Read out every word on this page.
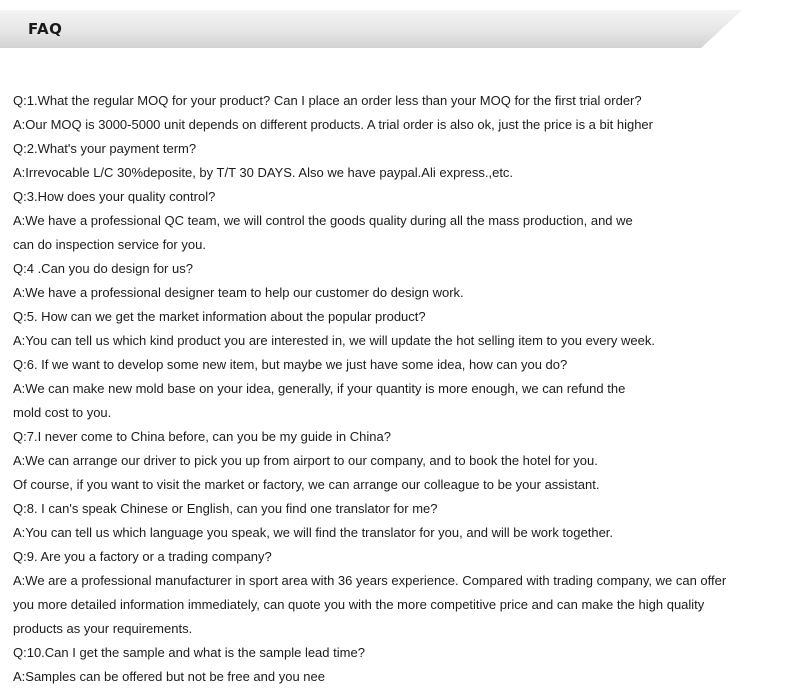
FAQ
Q:1.What the regular MOQ for your product? Can I place an order less than your MOQ for the first trial order?
A:Our MOQ is 3000-5000 unit depends on different products. A trial order is also ok, just the price is a bit higher
Q:2.What's your payment term?
A:Irrevocable L/C 30%deposite, by T/T 30 DAYS. Also we have paypal.Ali express.,etc.
Q:3.How does your quality control?
A:We have a professional QC team, we will control the goods quality during all the mass production, and we
can do inspection service for you.
Q:4 .Can you do design for us?
A:We have a professional designer team to help our customer do design work.
Q:5. How can we get the market information about the popular product?
A:You can tell us which kind product you are interested in, we will update the hot selling item to you every week.
Q:6. If we want to develop some new item, but maybe we just have some idea, how can you do?
A:We can make new mold base on your idea, generally, if your quantity is more enough, we can refund the
mold cost to you.
Q:7.I never come to China before, can you be my guide in China?
A:We can arrange our driver to pick you up from airport to our company, and to book the hotel for you.
Of course, if you want to visit the market or factory, we can arrange our colleague to be your assistant.
Q:8. I can's speak Chinese or English, can you find one translator for me?
A:You can tell us which language you speak, we will find the translator for you, and will be work together.
Q:9. Are you a factory or a trading company?
A:We are a professional manufacturer in sport area with 36 years experience. Compared with trading company, we can offer
you more detailed information immediately, can quote you with the more competitive price and can make the high quality
products as your requirements.
Q:10.Can I get the sample and what is the sample lead time?
A:Samples can be offered but not be free and you nee
